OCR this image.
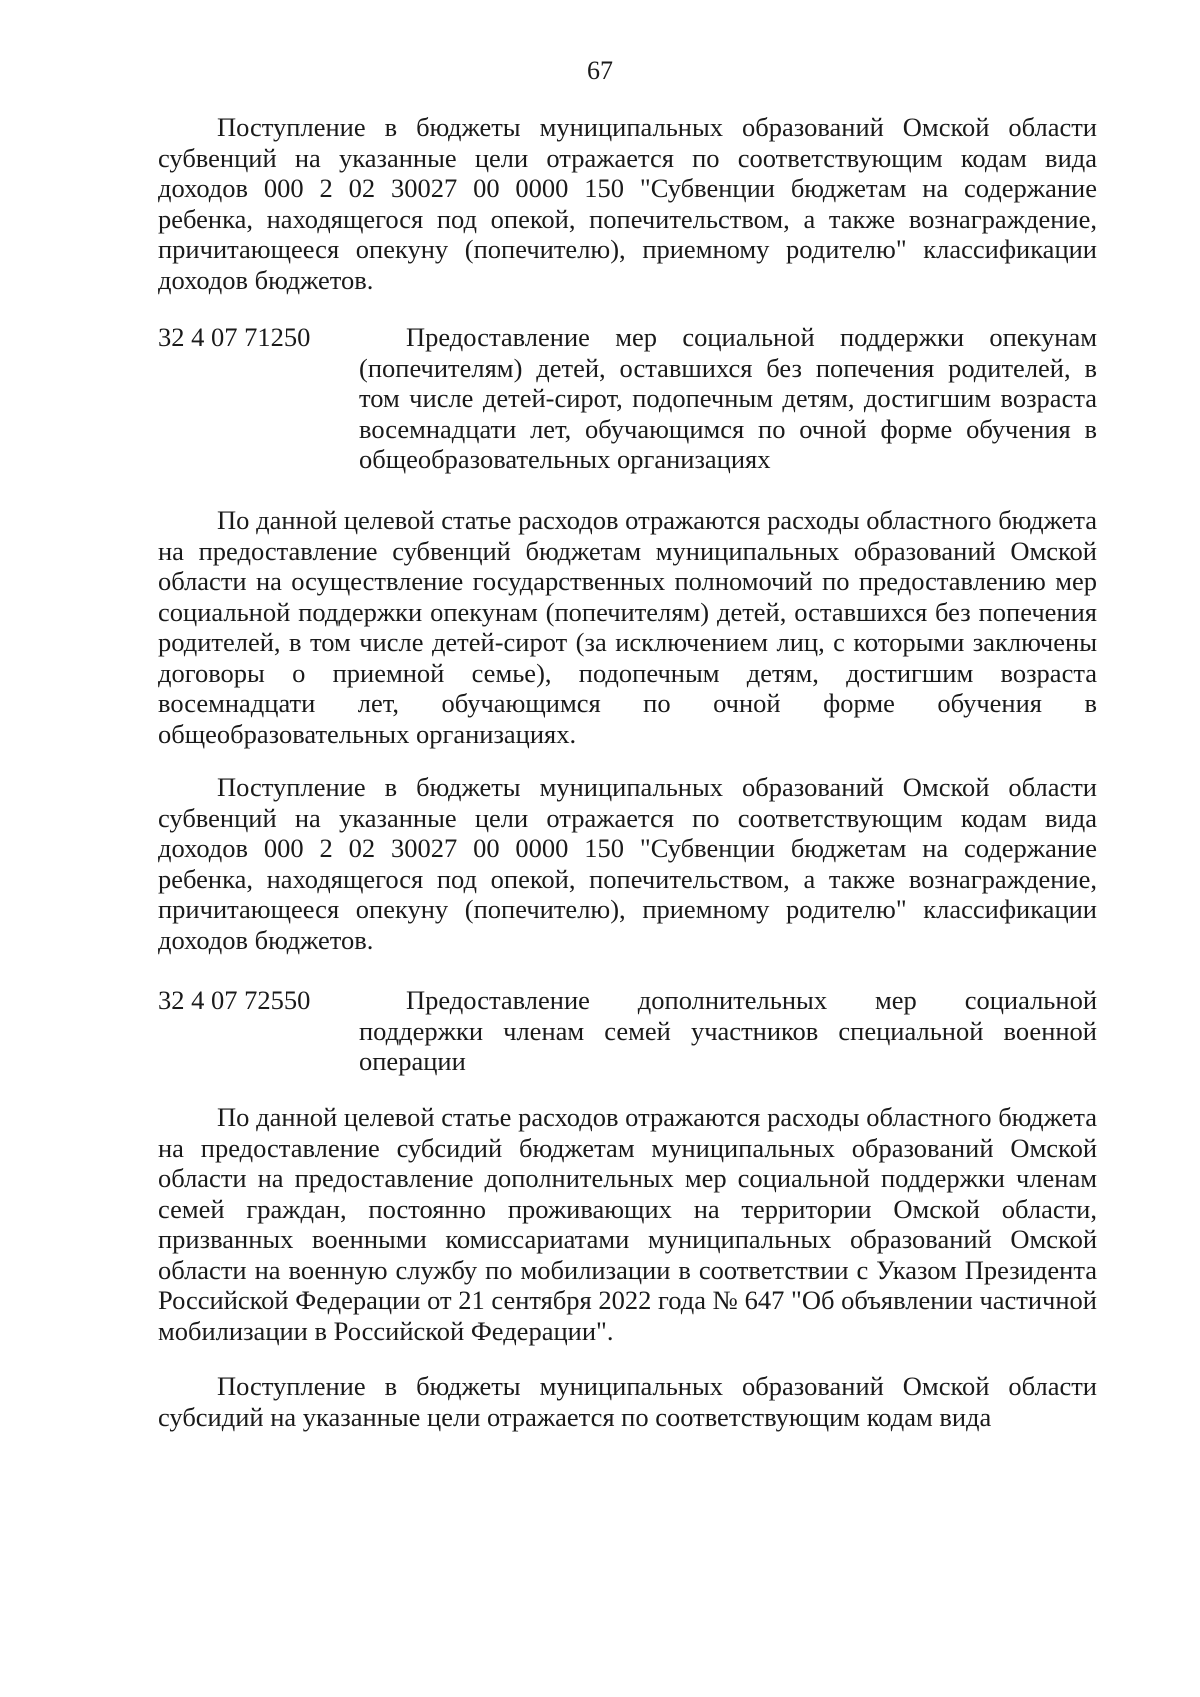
67

Поступление в бюджеты муниципальных образований Омской области субвенций на указанные цели отражается по соответствующим кодам вида доходов 000 2 02 30027 00 0000 150 "Субвенции бюджетам на содержание ребенка, находящегося под опекой, попечительством, а также вознаграждение, причитающееся опекуну (попечителю), приемному родителю" классификации доходов бюджетов.

32 4 07 71250	Предоставление мер социальной поддержки опекунам (попечителям) детей, оставшихся без попечения родителей, в том числе детей-сирот, подопечным детям, достигшим возраста восемнадцати лет, обучающимся по очной форме обучения в общеобразовательных организациях

По данной целевой статье расходов отражаются расходы областного бюджета на предоставление субвенций бюджетам муниципальных образований Омской области на осуществление государственных полномочий по предоставлению мер социальной поддержки опекунам (попечителям) детей, оставшихся без попечения родителей, в том числе детей-сирот (за исключением лиц, с которыми заключены договоры о приемной семье), подопечным детям, достигшим возраста восемнадцати лет, обучающимся по очной форме обучения в общеобразовательных организациях.

Поступление в бюджеты муниципальных образований Омской области субвенций на указанные цели отражается по соответствующим кодам вида доходов 000 2 02 30027 00 0000 150 "Субвенции бюджетам на содержание ребенка, находящегося под опекой, попечительством, а также вознаграждение, причитающееся опекуну (попечителю), приемному родителю" классификации доходов бюджетов.

32 4 07 72550	Предоставление дополнительных мер социальной поддержки членам семей участников специальной военной операции

По данной целевой статье расходов отражаются расходы областного бюджета на предоставление субсидий бюджетам муниципальных образований Омской области на предоставление дополнительных мер социальной поддержки членам семей граждан, постоянно проживающих на территории Омской области, призванных военными комиссариатами муниципальных образований Омской области на военную службу по мобилизации в соответствии с Указом Президента Российской Федерации от 21 сентября 2022 года № 647 "Об объявлении частичной мобилизации в Российской Федерации".

Поступление в бюджеты муниципальных образований Омской области субсидий на указанные цели отражается по соответствующим кодам вида
